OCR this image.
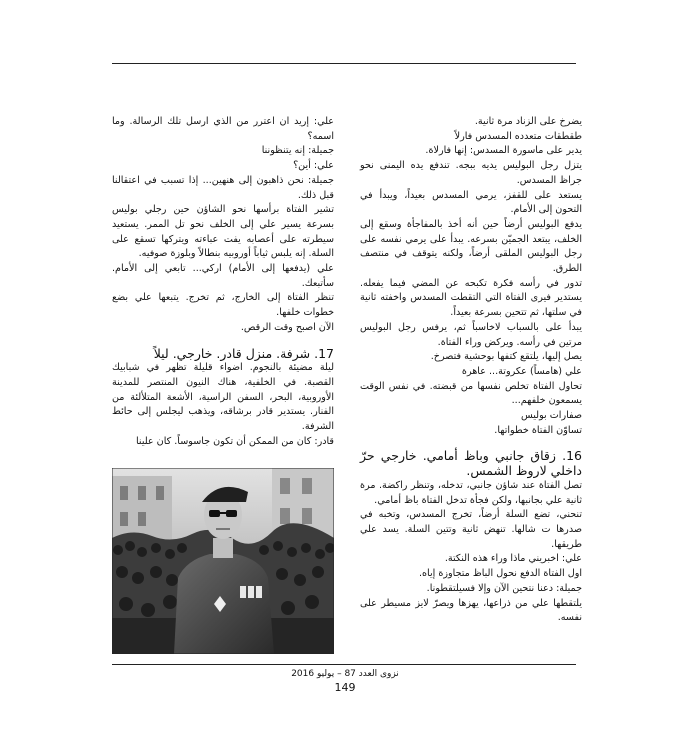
يضرخ على الزناد مرة ثانية.

طقطقات متعدده المسدس فارلاً

يدير على ماسورة المسدس: إنها فارلاة.

يتزل رجل البوليس يديه ببجه. تندفع يده اليمنى نحو جراظ المسدس.

يستعد على للقفز، يرمي المسدس بعيداً، ويبدأ في التحون إلى الأمام.

يدفع البوليس أرضاً حين أنه أخذ بالمفاجأة وسقع إلى الخلف، يبتعد الجميّن بسرعه. يبدأ على يرمي نفسه على رجل البوليس الملقى أرضاً، ولكنه يتوقف في منتصف الطرق.

تدور في رأسه فكرة تكبحه عن المضي فيما يفعله. يستدير فيرى الفتاة التي التقطت المسدس واخفته ثانية في سلتها، ثم تتحين بسرعة بعيداً.

يبدأ على بالسباب لاخاسباً ثم، يرفس رجل البوليس مرتين في رأسه. ويركض وراء الفتاة.

يصل إليها، يلتقع كتفها بوحشية فتصرخ.

علي (هامساً) عكروتة... عاهرة

تحاول الفتاة تخلص نفسها من قبضته. في نفس الوقت يسمعون خلفهم...

صفارات بوليس

تساوّن الفتاة خطواتها.

16. زقاق جانبي وباظ أمامي. خارجي حرّ داخلي لاروظ الشمس.

تصل الفتاة عند شاؤن جانبي، تدخله، وتنظر راكضة. مرة ثانية علي بجانبها، ولكن فجأة تدخل الفتاة باظ أمامي.

تنحني، تضع السلة أرضاً، تخرج المسدس، وتخبه في صدرها ت شالها. تنهض ثانية وتتين السلة. يسد علي طريقها.

علي: اخبريني ماذا وراء هذه النكتة.

اول الفتاة الدفع نحول الباظ متجاوزة إياه.

جميلة: دعنا نتحين الآن وإلا فسيلتقطونا.

يلتقطها علي من ذراعها، يهزها ويصرّ لايز مسيطر على نفسه.

علي: إريد ان اعترر من الذي ارسل تلك الرسالة. وما اسمه؟

جميلة: إنه يتنظوننا

علي: أين؟

جميلة: نحن ذاهبون إلى هنهين... إذا تسبب في اعتقالنا قبل ذلك.

تشير الفتاة برأسها نحو الشاؤن حين رجلي بوليس بسرعة يسير علي إلى الخلف نحو تل الممر. يستعيد سيطرته على أعصابه يفت عباءته ويتركها تسقع على السلة. إنه يلبس ثياباً أوروبيه بنطالاً وبلوزة صوفيه.

علي (يدفعها إلى الأمام) اركي... تابعي إلى الأمام. سأتبعك.

تنظر الفتاة إلى الخارج، ثم تخرج. يتبعها علي بضع خطوات خلفها.

الآن اصبح وقت الرقص.

17. شرفة. منزل قادر. خارجي. ليلاً

ليلة مضيئة بالنجوم. اضواء قليلة تظهر في شبابيك القصبة. في الخلفية، هناك النيون المنتصر للمدينة الأوروبية، البحر، السفن الراسية، الأشعة المتلألئة من الفنار. يستدير قادر برشاقه، ويذهب ليجلس إلى حائط الشرفة.

قادر: كان من الممكن أن تكون جاسوساً. كان علينا

نزوى العدد 87 – يوليو 2016
149
